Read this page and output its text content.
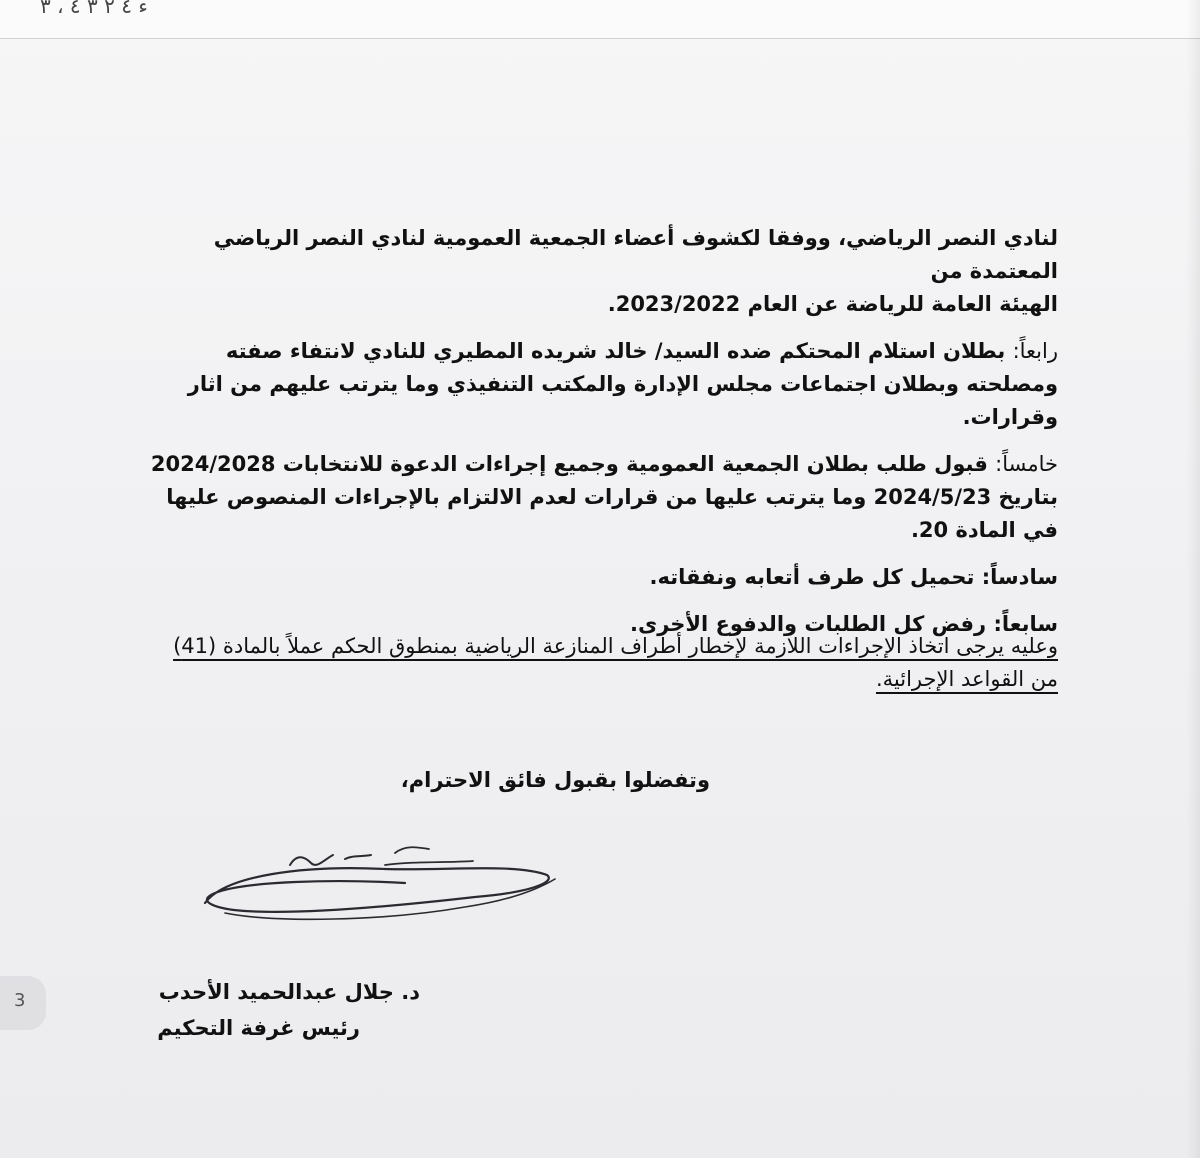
ء ٤ ٢ ٣ ٤ ، ٣

لنادي النصر الرياضي، ووفقا لكشوف أعضاء الجمعية العمومية لنادي النصر الرياضي المعتمدة من
الهيئة العامة للرياضة عن العام 2023/2022.

رابعاً: بطلان استلام المحتكم ضده السيد/ خالد شريده المطيري للنادي لانتفاء صفته ومصلحته وبطلان اجتماعات مجلس الإدارة والمكتب التنفيذي وما يترتب عليهم من اثار وقرارات.

خامساً: قبول طلب بطلان الجمعية العمومية وجميع إجراءات الدعوة للانتخابات 2024/2028 بتاريخ 2024/5/23 وما يترتب عليها من قرارات لعدم الالتزام بالإجراءات المنصوص عليها في المادة 20.

سادساً: تحميل كل طرف أتعابه ونفقاته.

سابعاً: رفض كل الطلبات والدفوع الأخرى.

وعليه يرجى اتخاذ الإجراءات اللازمة لإخطار أطراف المنازعة الرياضية بمنطوق الحكم عملاً بالمادة (41) من القواعد الإجرائية.
وتفضلوا بقبول فائق الاحترام،
د. جلال عبدالحميد الأحدب
رئيس غرفة التحكيم
3
